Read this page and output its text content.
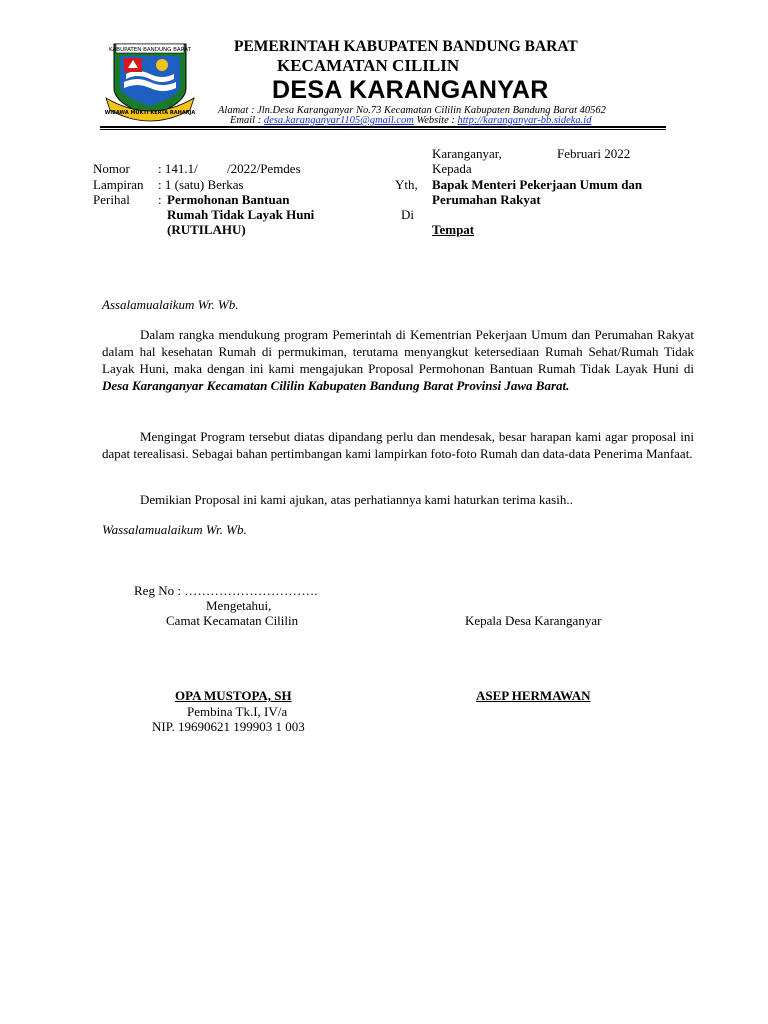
KABUPATEN BANDUNG BARAT
WIBAWA MUKTI KERTA RAHARJA
PEMERINTAH KABUPATEN BANDUNG BARAT
KECAMATAN CILILIN
DESA KARANGANYAR
Alamat : Jln.Desa Karanganyar No.73 Kecamatan Cililin Kabupaten Bandung Barat 40562
Email : desa.karanganyar1105@gmail.com Website : http://karanganyar-bb.sideka.id
Karanganyar,	Februari 2022
Kepada
Nomor : 141.1/         /2022/Pemdes
Lampiran : 1 (satu) Berkas
Perihal : Permohonan Bantuan
Rumah Tidak Layak Huni
(RUTILAHU)
Yth, Bapak Menteri Pekerjaan Umum dan
Perumahan Rakyat
Di
Tempat
Assalamualaikum Wr. Wb.

Dalam rangka mendukung program Pemerintah di Kementrian Pekerjaan Umum dan Perumahan Rakyat dalam hal kesehatan Rumah di permukiman, terutama menyangkut ketersediaan Rumah Sehat/Rumah Tidak Layak Huni, maka dengan ini kami mengajukan Proposal Permohonan Bantuan Rumah Tidak Layak Huni di Desa Karanganyar Kecamatan Cililin Kabupaten Bandung Barat Provinsi Jawa Barat.

Mengingat Program tersebut diatas dipandang perlu dan mendesak, besar harapan kami agar proposal ini dapat terealisasi. Sebagai bahan pertimbangan kami lampirkan foto-foto Rumah dan data-data Penerima Manfaat.

Demikian Proposal ini kami ajukan, atas perhatiannya kami haturkan terima kasih..

Wassalamualaikum Wr. Wb.
Reg No : ………………………….
Mengetahui,
Camat Kecamatan Cililin	Kepala Desa Karanganyar
OPA MUSTOPA, SH	ASEP HERMAWAN
Pembina Tk.I, IV/a
NIP. 19690621 199903 1 003
